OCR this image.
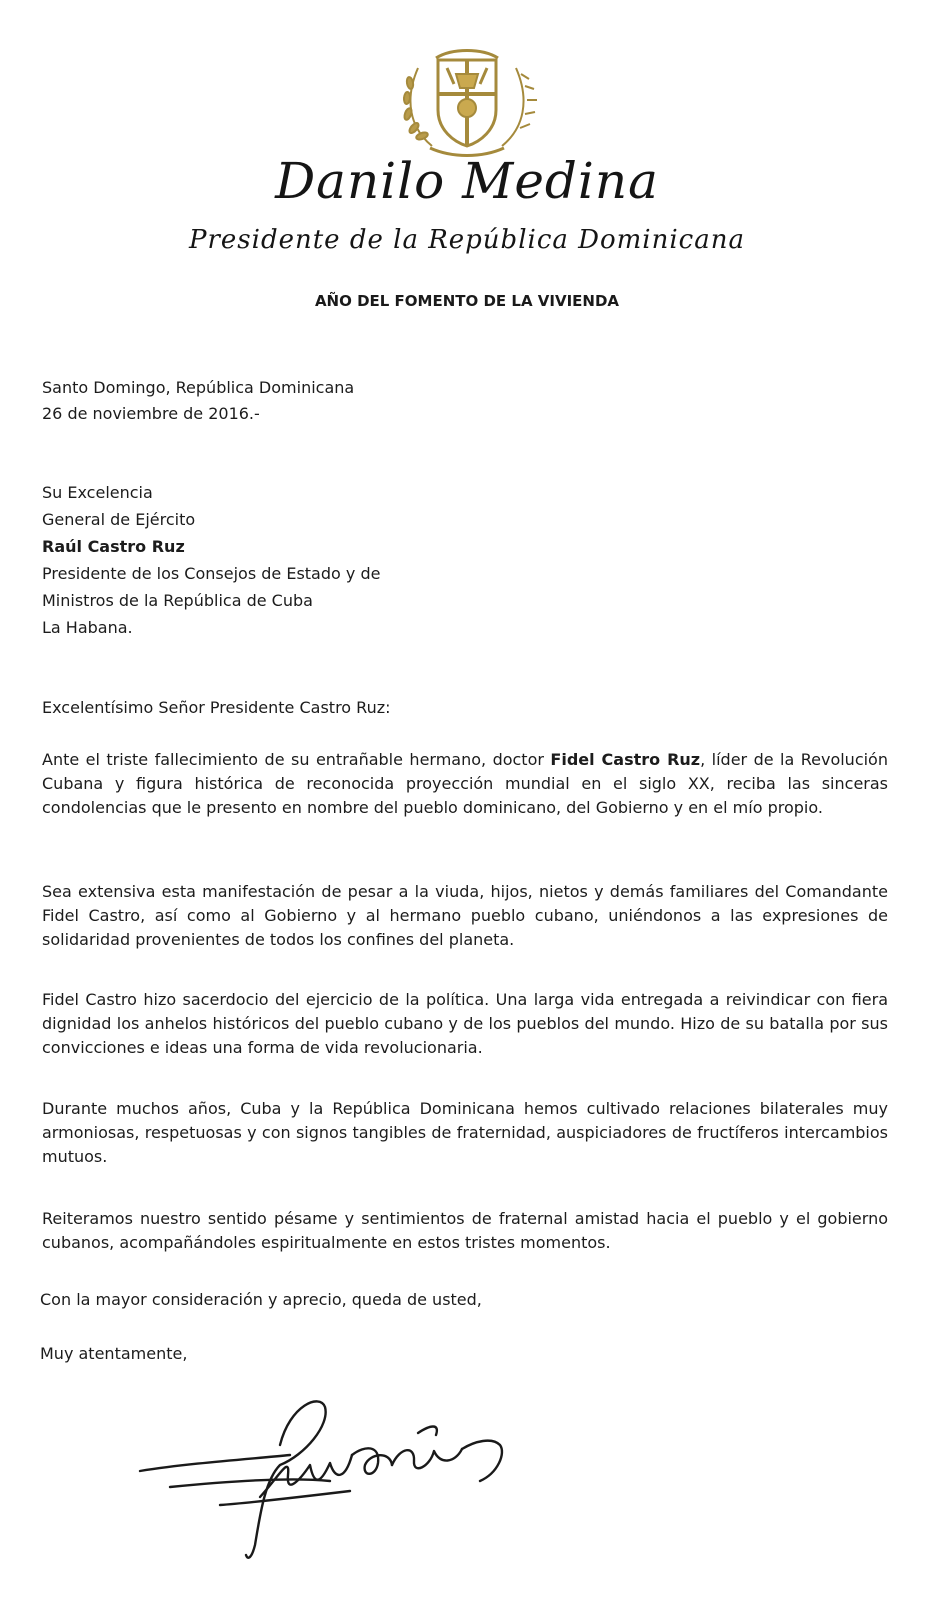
Danilo Medina
Presidente de la República Dominicana
AÑO DEL FOMENTO DE LA VIVIENDA
Santo Domingo, República Dominicana
26 de noviembre de 2016.-
Su Excelencia
General de Ejército
Raúl Castro Ruz
Presidente de los Consejos de Estado y de
Ministros de la República de Cuba
La Habana.
Excelentísimo Señor Presidente Castro Ruz:
Ante el triste fallecimiento de su entrañable hermano, doctor Fidel Castro Ruz, líder de la Revolución Cubana y figura histórica de reconocida proyección mundial en el siglo XX, reciba las sinceras condolencias que le presento en nombre del pueblo dominicano, del Gobierno y en el mío propio.
Sea extensiva esta manifestación de pesar a la viuda, hijos, nietos y demás familiares del Comandante Fidel Castro, así como al Gobierno y al hermano pueblo cubano, uniéndonos a las expresiones de solidaridad provenientes de todos los confines del planeta.
Fidel Castro hizo sacerdocio del ejercicio de la política. Una larga vida entregada a reivindicar con fiera dignidad los anhelos históricos del pueblo cubano y de los pueblos del mundo. Hizo de su batalla por sus convicciones e ideas una forma de vida revolucionaria.
Durante muchos años, Cuba y la República Dominicana hemos cultivado relaciones bilaterales muy armoniosas, respetuosas y con signos tangibles de fraternidad, auspiciadores de fructíferos intercambios mutuos.
Reiteramos nuestro sentido pésame y sentimientos de fraternal amistad hacia el pueblo y el gobierno cubanos, acompañándoles espiritualmente en estos tristes momentos.
Con la mayor consideración y aprecio, queda de usted,
Muy atentamente,
